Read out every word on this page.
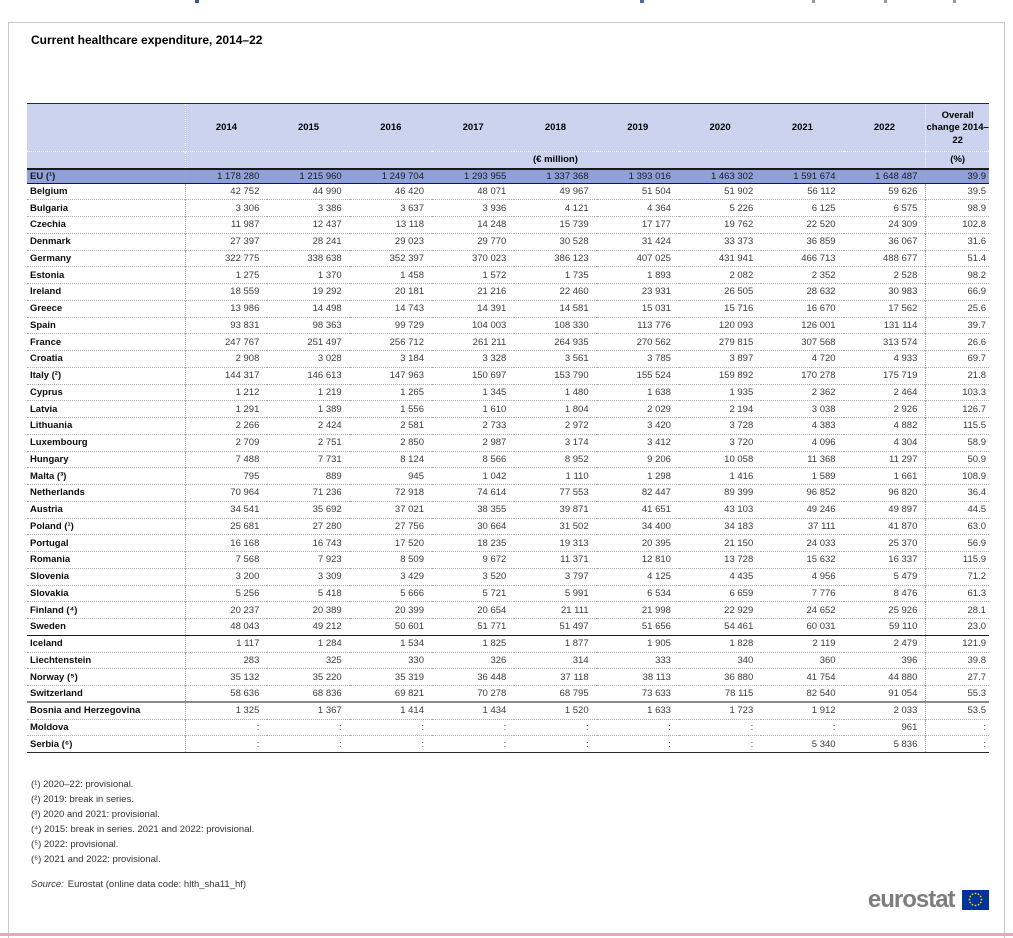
Current healthcare expenditure, 2014–22
	2014	2015	2016	2017	2018	2019	2020	2021	2022	Overall change 2014–22
	(€ million)									(%)
EU (¹)	1 178 280	1 215 960	1 249 704	1 293 955	1 337 368	1 393 016	1 463 302	1 591 674	1 648 487	39.9
Belgium	42 752	44 990	46 420	48 071	49 967	51 504	51 902	56 112	59 626	39.5
Bulgaria	3 306	3 386	3 637	3 936	4 121	4 364	5 226	6 125	6 575	98.9
Czechia	11 987	12 437	13 118	14 248	15 739	17 177	19 762	22 520	24 309	102.8
Denmark	27 397	28 241	29 023	29 770	30 528	31 424	33 373	36 859	36 067	31.6
Germany	322 775	338 638	352 397	370 023	386 123	407 025	431 941	466 713	488 677	51.4
Estonia	1 275	1 370	1 458	1 572	1 735	1 893	2 082	2 352	2 528	98.2
Ireland	18 559	19 292	20 181	21 216	22 460	23 931	26 505	28 632	30 983	66.9
Greece	13 986	14 498	14 743	14 391	14 581	15 031	15 716	16 670	17 562	25.6
Spain	93 831	98 363	99 729	104 003	108 330	113 776	120 093	126 001	131 114	39.7
France	247 767	251 497	256 712	261 211	264 935	270 562	279 815	307 568	313 574	26.6
Croatia	2 908	3 028	3 184	3 328	3 561	3 785	3 897	4 720	4 933	69.7
Italy (²)	144 317	146 613	147 963	150 697	153 790	155 524	159 892	170 278	175 719	21.8
Cyprus	1 212	1 219	1 265	1 345	1 480	1 638	1 935	2 362	2 464	103.3
Latvia	1 291	1 389	1 556	1 610	1 804	2 029	2 194	3 038	2 926	126.7
Lithuania	2 266	2 424	2 581	2 733	2 972	3 420	3 728	4 383	4 882	115.5
Luxembourg	2 709	2 751	2 850	2 987	3 174	3 412	3 720	4 096	4 304	58.9
Hungary	7 488	7 731	8 124	8 566	8 952	9 206	10 058	11 368	11 297	50.9
Malta (³)	795	889	945	1 042	1 110	1 298	1 416	1 589	1 661	108.9
Netherlands	70 964	71 236	72 918	74 614	77 553	82 447	89 399	96 852	96 820	36.4
Austria	34 541	35 692	37 021	38 355	39 871	41 651	43 103	49 246	49 897	44.5
Poland (¹)	25 681	27 280	27 756	30 664	31 502	34 400	34 183	37 111	41 870	63.0
Portugal	16 168	16 743	17 520	18 235	19 313	20 395	21 150	24 033	25 370	56.9
Romania	7 568	7 923	8 509	9 672	11 371	12 810	13 728	15 632	16 337	115.9
Slovenia	3 200	3 309	3 429	3 520	3 797	4 125	4 435	4 956	5 479	71.2
Slovakia	5 256	5 418	5 666	5 721	5 991	6 534	6 659	7 776	8 476	61.3
Finland (⁴)	20 237	20 389	20 399	20 654	21 111	21 998	22 929	24 652	25 926	28.1
Sweden	48 043	49 212	50 601	51 771	51 497	51 656	54 461	60 031	59 110	23.0
Iceland	1 117	1 284	1 534	1 825	1 877	1 905	1 828	2 119	2 479	121.9
Liechtenstein	283	325	330	326	314	333	340	360	396	39.8
Norway (⁵)	35 132	35 220	35 319	36 448	37 118	38 113	36 880	41 754	44 880	27.7
Switzerland	58 636	68 836	69 821	70 278	68 795	73 633	78 115	82 540	91 054	55.3
Bosnia and Herzegovina	1 325	1 367	1 414	1 434	1 520	1 633	1 723	1 912	2 033	53.5
Moldova	:	:	:	:	:	:	:	:	961	:
Serbia (⁶)	:	:	:	:	:	:	:	5 340	5 836	:
(¹) 2020–22: provisional.
(²) 2019: break in series.
(³) 2020 and 2021: provisional.
(⁴) 2015: break in series. 2021 and 2022: provisional.
(⁵) 2022: provisional.
(⁶) 2021 and 2022: provisional.
Source: Eurostat (online data code: hlth_sha11_hf)
eurostat
